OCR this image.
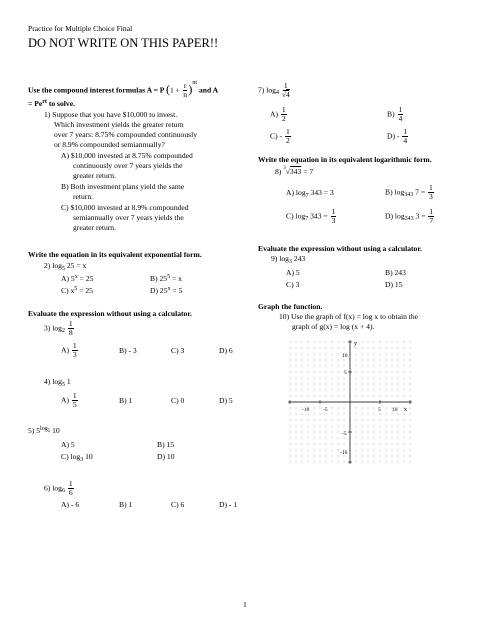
Practice for Multiple Choice Final
DO NOT WRITE ON THIS PAPER!!
Use the compound interest formulas A = P $(1 + \frac{r}{n} )^{nt}$ and A
= $Pe^{rt}$ to solve.
1) Suppose that you have $10,000 to invest.
Which investment yields the greater return
over 7 years: 8.75% compounded continuously
or 8.9% compounded semiannually?
A) $10,000 invested at 8.75% compounded
continuously over 7 years yields the
greater return.
B) Both investment plans yield the same
return.
C) $10,000 invested at 8.9% compounded
semiannually over 7 years yields the
greater return.
Write the equation in its equivalent exponential form.
2) $\log_5 25 = x$
A) $5^x = 25$	B) $25^5 = x$
C) $x^5 = 25$	D) $25^x = 5$
Evaluate the expression without using a calculator.
3) $\log_2 \frac{1}{8}$
$A) \frac{1}{3}$	B) - 3	C) 3	D) 6
4) $\log_5 1$
$A) \frac{1}{5}$	B) 1	C) 0	D) 5
5) $5^{log_5}$ 10
A) 5	B) 15
C) $\log_3 10$	D) 10
6) $\log_6 \frac{1}{6}$
A) - 6	B) 1	C) 6	D) - 1
7) $\log_4 \frac{1}{√4}$
$A) \frac{1}{2}$	$B) \frac{1}{4}$
$C) - \frac{1}{2}$	$D) - \frac{1}{4}$
Write the equation in its equivalent logarithmic form.
8) $^3$√343 = 7
A) $\log_7 343 = 3$	B) $\log_{343} 7 = \frac{1}{3}$
C) $\log_7 343 = \frac{1}{3}$	D) $\log_{343} 3 = \frac{1}{7}$
Evaluate the expression without using a calculator.
9) $\log_3 243$
A) 5	B) 243
C) 3	D) 15
Graph the function.
10) Use the graph of f(x) = log x to obtain the
graph of g(x) = log (x + 4).
y
10
5
-5
-10
-10 -5	5 10 x
1
